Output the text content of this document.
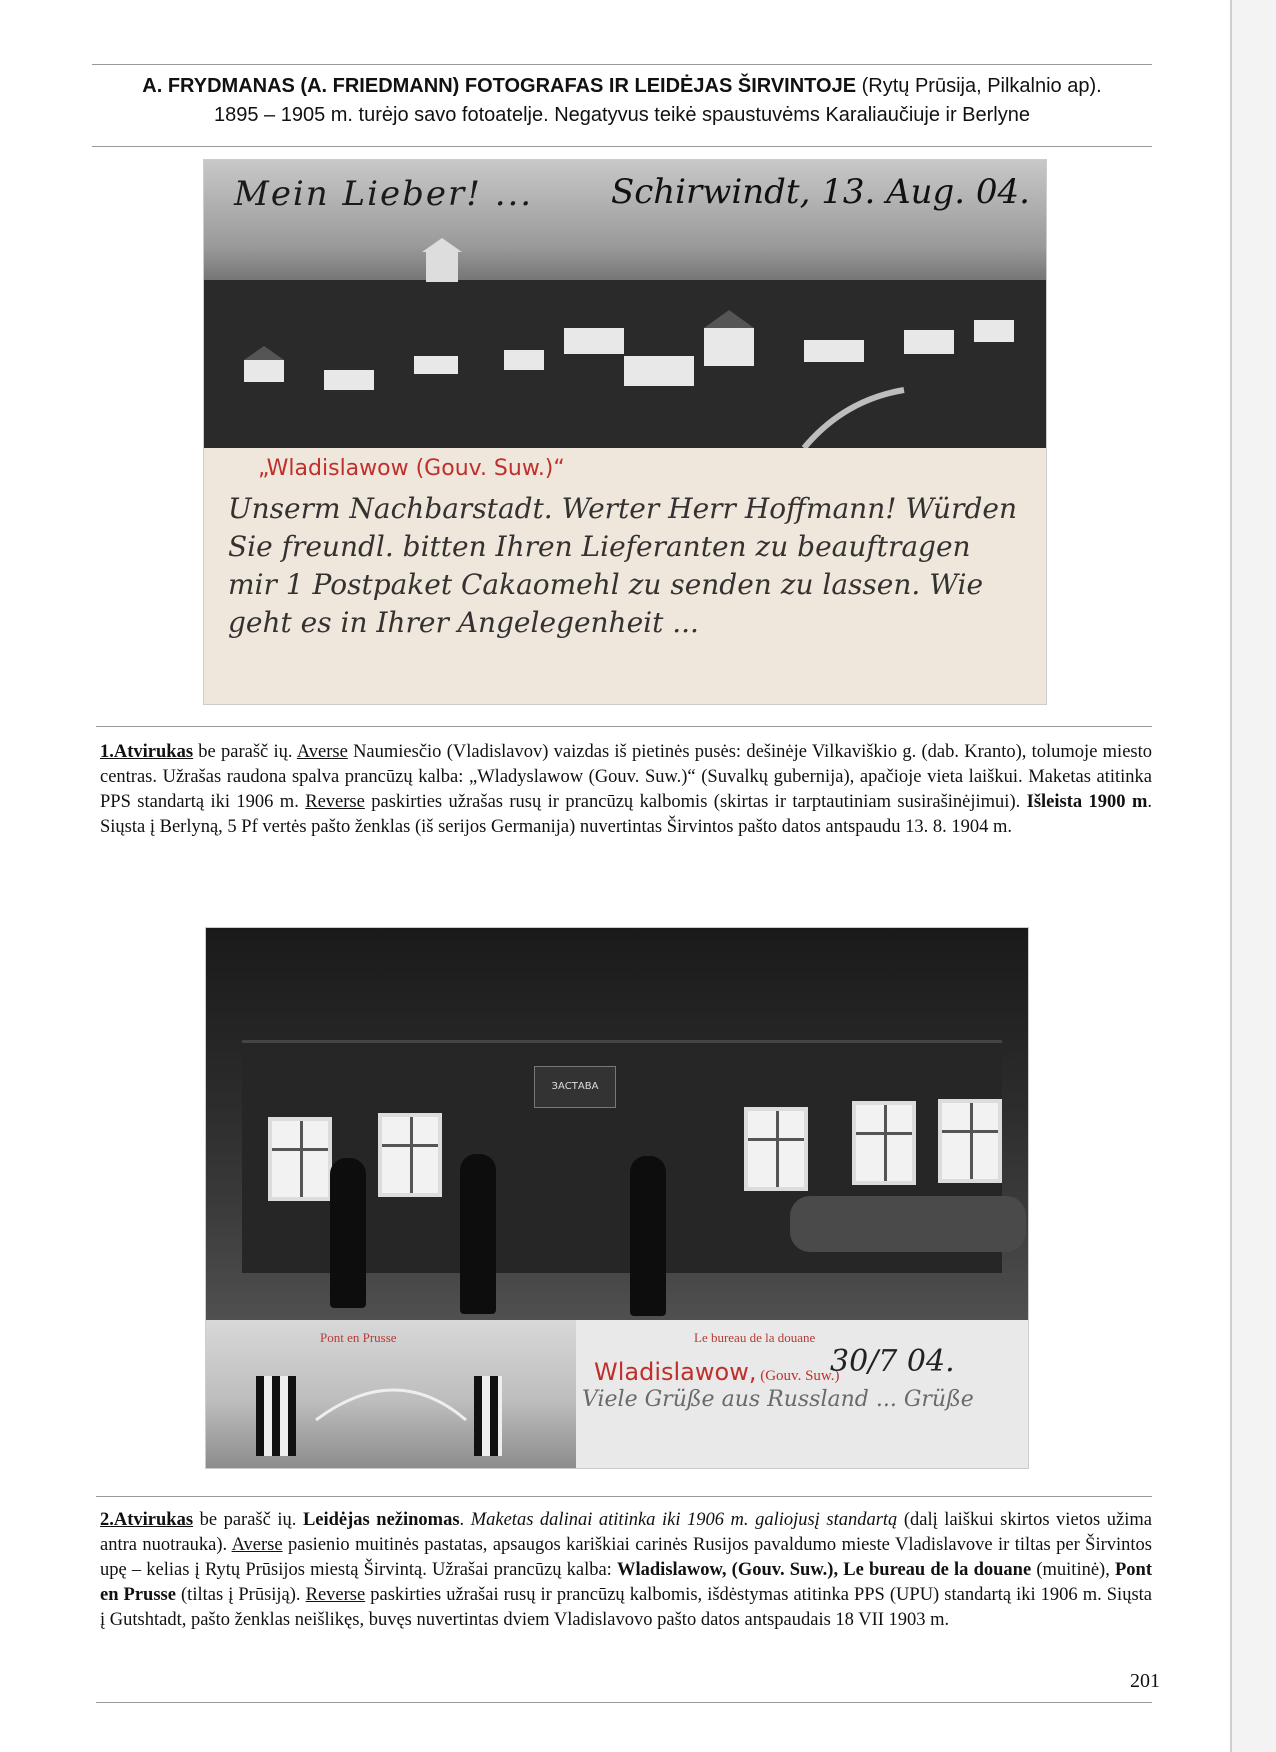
A. FRYDMANAS (A. FRIEDMANN) FOTOGRAFAS IR LEIDĖJAS ŠIRVINTOJE (Rytų Prūsija, Pilkalnio ap).
1895 – 1905 m. turėjo savo fotoatelje. Negatyvus teikė spaustuvėms Karaliaučiuje ir Berlyne
Mein Lieber! ...	Schirwindt, 13. Aug. 04.
„Wladislawow (Gouv. Suw.)“
Unserm Nachbarstadt. Werter Herr Hoffmann! Würden Sie freundl. bitten Ihren Lieferanten zu beauftragen mir 1 Postpaket Cakaomehl zu senden zu lassen. Wie geht es in Ihrer Angelegenheit ...
1.Atvirukas be parašč ių. Averse Naumiesčio (Vladislavov) vaizdas iš pietinės pusės: dešinėje Vilkaviškio g. (dab. Kranto), tolumoje miesto centras. Užrašas raudona spalva prancūzų kalba: „Wladyslawow (Gouv. Suw.)“ (Suvalkų gubernija), apačioje vieta laiškui. Maketas atitinka PPS standartą iki 1906 m. Reverse paskirties užrašas rusų ir prancūzų kalbomis (skirtas ir tarptautiniam susirašinėjimui). Išleista 1900 m. Siųsta į Berlyną, 5 Pf vertės pašto ženklas (iš serijos Germanija) nuvertintas Širvintos pašto datos antspaudu 13. 8. 1904 m.
ЗАСТАВА
Pont en Prusse	Le bureau de la douane
Wladislawow, (Gouv. Suw.)
30/7 04.
Viele Grüße aus Russland ... Grüße
2.Atvirukas be parašč ių. Leidėjas nežinomas. Maketas dalinai atitinka iki 1906 m. galiojusį standartą (dalį laiškui skirtos vietos užima antra nuotrauka). Averse pasienio muitinės pastatas, apsaugos kariškiai carinės Rusijos pavaldumo mieste Vladislavove ir tiltas per Širvintos upę – kelias į Rytų Prūsijos miestą Širvintą. Užrašai prancūzų kalba: Wladislawow, (Gouv. Suw.), Le bureau de la douane (muitinė), Pont en Prusse (tiltas į Prūsiją). Reverse paskirties užrašai rusų ir prancūzų kalbomis, išdėstymas atitinka PPS (UPU) standartą iki 1906 m. Siųsta į Gutshtadt, pašto ženklas neišlikęs, buvęs nuvertintas dviem Vladislavovo pašto datos antspaudais 18 VII 1903 m.
201
